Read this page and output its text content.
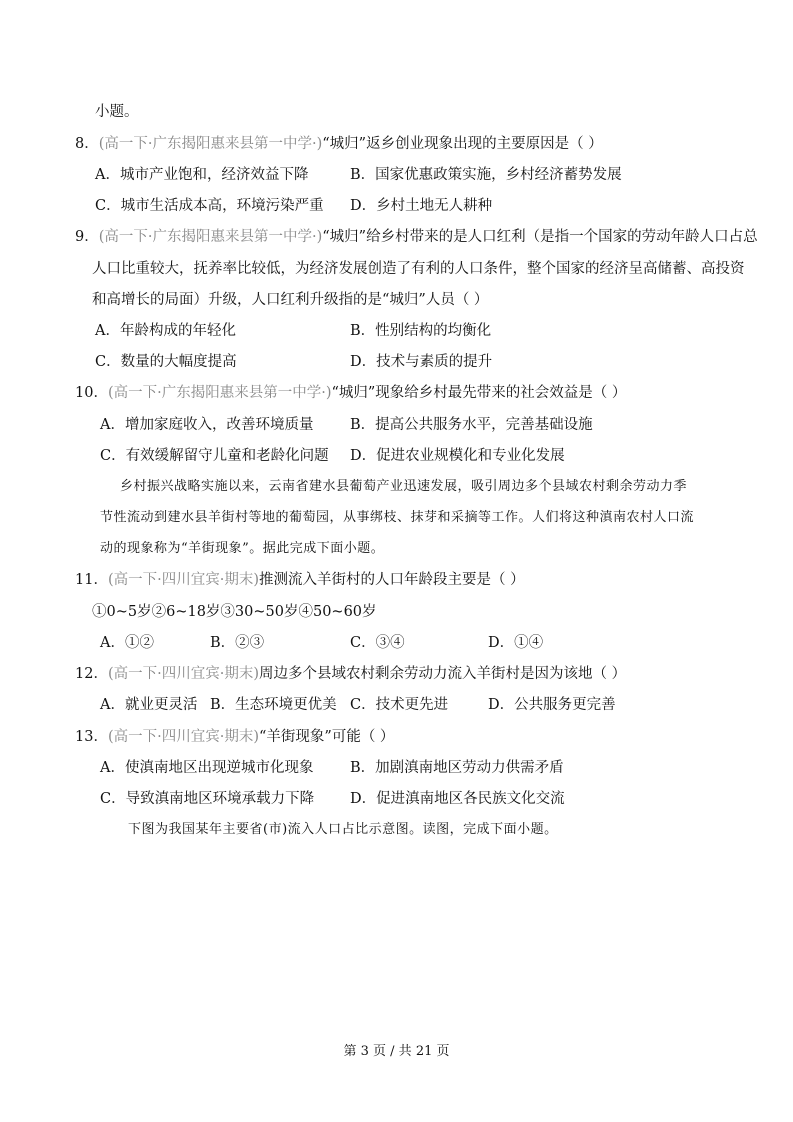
小题。
8．(高一下·广东揭阳惠来县第一中学·)“城归”返乡创业现象出现的主要原因是（ ）
A．城市产业饱和，经济效益下降	B．国家优惠政策实施，乡村经济蓄势发展
C．城市生活成本高，环境污染严重 D．乡村土地无人耕种
9．(高一下·广东揭阳惠来县第一中学·)“城归”给乡村带来的是人口红利（是指一个国家的劳动年龄人口占总
人口比重较大，抚养率比较低，为经济发展创造了有利的人口条件，整个国家的经济呈高储蓄、高投资
和高增长的局面）升级，人口红利升级指的是“城归”人员（ ）
A．年龄构成的年轻化	B．性别结构的均衡化
C．数量的大幅度提高	D．技术与素质的提升
10．(高一下·广东揭阳惠来县第一中学·)“城归”现象给乡村最先带来的社会效益是（ ）
A．增加家庭收入，改善环境质量	B．提高公共服务水平，完善基础设施
C．有效缓解留守儿童和老龄化问题 D．促进农业规模化和专业化发展
乡村振兴战略实施以来，云南省建水县葡萄产业迅速发展，吸引周边多个县域农村剩余劳动力季
节性流动到建水县羊街村等地的葡萄园，从事绑枝、抹芽和采摘等工作。人们将这种滇南农村人口流
动的现象称为“羊街现象”。据此完成下面小题。
11．(高一下·四川宜宾·期末)推测流入羊街村的人口年龄段主要是（ ）
①0~5岁②6~18岁③30~50岁④50~60岁
A．①②	B．②③	C．③④	D．①④
12．(高一下·四川宜宾·期末)周边多个县域农村剩余劳动力流入羊街村是因为该地（ ）
A．就业更灵活 B．生态环境更优美 C．技术更先进	D．公共服务更完善
13．(高一下·四川宜宾·期末)“羊街现象”可能（ ）
A．使滇南地区出现逆城市化现象	B．加剧滇南地区劳动力供需矛盾
C．导致滇南地区环境承载力下降 D．促进滇南地区各民族文化交流
下图为我国某年主要省(市)流入人口占比示意图。读图，完成下面小题。
第 3 页 / 共 21 页
